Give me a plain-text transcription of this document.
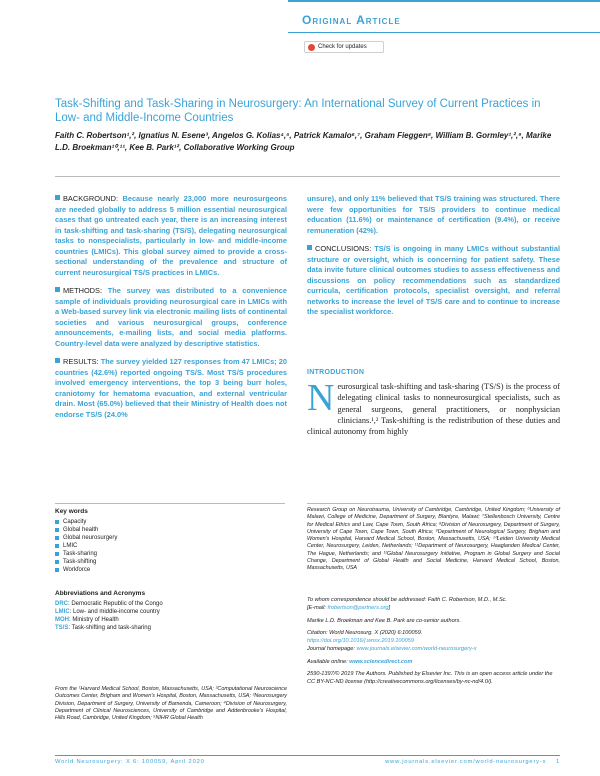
Original Article
Check for updates
Task-Shifting and Task-Sharing in Neurosurgery: An International Survey of Current Practices in Low- and Middle-Income Countries
Faith C. Robertson¹,², Ignatius N. Esene³, Angelos G. Kolias⁴,⁵, Patrick Kamalo⁶,⁷, Graham Fieggen⁸, William B. Gormley¹,²,⁹, Marike L.D. Broekman¹⁰,¹¹, Kee B. Park¹², Collaborative Working Group

BACKGROUND: Because nearly 23,000 more neurosurgeons are needed globally to address 5 million essential neurosurgical cases that go untreated each year, there is an increasing interest in task-shifting and task-sharing (TS/S), delegating neurosurgical tasks to nonspecialists, particularly in low- and middle-income countries (LMICs). This global survey aimed to provide a cross-sectional understanding of the prevalence and structure of current neurosurgical TS/S practices in LMICs.

METHODS: The survey was distributed to a convenience sample of individuals providing neurosurgical care in LMICs with a Web-based survey link via electronic mailing lists of continental societies and various neurosurgical groups, conference announcements, e-mailing lists, and social media platforms. Country-level data were analyzed by descriptive statistics.

RESULTS: The survey yielded 127 responses from 47 LMICs; 20 countries (42.6%) reported ongoing TS/S. Most TS/S procedures involved emergency interventions, the top 3 being burr holes, craniotomy for hematoma evacuation, and external ventricular drain. Most (65.0%) believed that their Ministry of Health does not endorse TS/S (24.0%

unsure), and only 11% believed that TS/S training was structured. There were few opportunities for TS/S providers to continue medical education (11.6%) or maintenance of certification (9.4%), or receive remuneration (42%).

CONCLUSIONS: TS/S is ongoing in many LMICs without substantial structure or oversight, which is concerning for patient safety. These data invite future clinical outcomes studies to assess effectiveness and discussions on policy recommendations such as standardized curricula, certification protocols, specialist oversight, and referral networks to increase the level of TS/S care and to continue to increase the specialist workforce.

INTRODUCTION
Neurosurgical task-shifting and task-sharing (TS/S) is the process of delegating clinical tasks to nonneurosurgical specialists, such as general surgeons, general practitioners, or nonphysician clinicians.¹,² Task-shifting is the redistribution of these duties and clinical autonomy from highly
Key words
Capacity
Global health
Global neurosurgery
LMIC
Task-sharing
Task-shifting
Workforce
Abbreviations and Acronyms
DRC: Democratic Republic of the Congo
LMIC: Low- and middle-income country
MOH: Ministry of Health
TS/S: Task-shifting and task-sharing
From the ¹Harvard Medical School, Boston, Massachusetts, USA; ²Computational Neuroscience Outcomes Center, Brigham and Women's Hospital, Boston, Massachusetts, USA; ³Neurosurgery Division, Department of Surgery, University of Bamenda, Cameroon; ⁴Division of Neurosurgery, Department of Clinical Neurosciences, University of Cambridge and Addenbrooke's Hospital, Hills Road, Cambridge, United Kingdom; ⁵NIHR Global Health
Research Group on Neurotrauma, University of Cambridge, Cambridge, United Kingdom; ⁶University of Malawi, College of Medicine, Department of Surgery, Blantyre, Malawi; ⁷Stellenbosch University, Centre for Medical Ethics and Law, Cape Town, South Africa; ⁸Division of Neurosurgery, Department of Surgery, University of Cape Town, Cape Town, South Africa; ⁹Department of Neurological Surgery, Brigham and Women's Hospital, Harvard Medical School, Boston, Massachusetts, USA; ¹⁰Leiden University Medical Center, Neurosurgery, Leiden, Netherlands; ¹¹Department of Neurosurgery, Haaglanden Medical Center, The Hague, Netherlands; and ¹²Global Neurosurgery Initiative, Program in Global Surgery and Social Change, Department of Global Health and Social Medicine, Harvard Medical School, Boston, Massachusetts, USA
To whom correspondence should be addressed: Faith C. Robertson, M.D., M.Sc.
[E-mail: frobertson@partners.org]
Marike L.D. Broekman and Kee B. Park are co-senior authors.
Citation: World Neurosurg. X (2020) 6:100059.
https://doi.org/10.1016/j.wnsx.2019.100059
Journal homepage: www.journals.elsevier.com/world-neurosurgery-x
Available online: www.sciencedirect.com
2590-1397/© 2019 The Authors. Published by Elsevier Inc. This is an open access article under the CC BY-NC-ND license (http://creativecommons.org/licenses/by-nc-nd/4.0/).
World Neurosurgery: X 6: 100059, April 2020	www.journals.elsevier.com/world-neurosurgery-x 1
